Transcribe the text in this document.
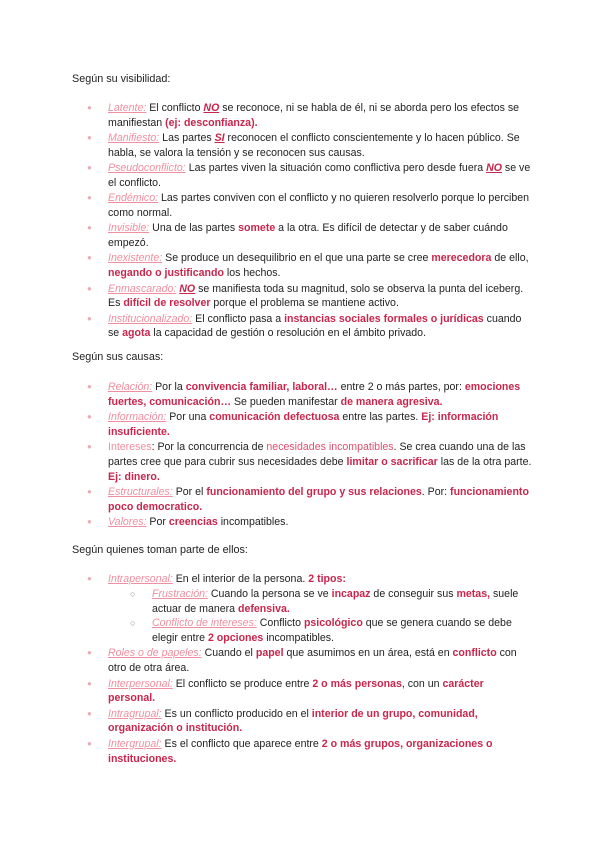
Según su visibilidad:
● Latente: El conflicto NO se reconoce, ni se habla de él, ni se aborda pero los efectos se manifiestan (ej: desconfianza).
● Manifiesto: Las partes SI reconocen el conflicto conscientemente y lo hacen público. Se habla, se valora la tensión y se reconocen sus causas.
● Pseudoconflicto: Las partes viven la situación como conflictiva pero desde fuera NO se ve el conflicto.
● Endémico: Las partes conviven con el conflicto y no quieren resolverlo porque lo perciben como normal.
● Invisible: Una de las partes somete a la otra. Es difícil de detectar y de saber cuándo empezó.
● Inexistente: Se produce un desequilibrio en el que una parte se cree merecedora de ello, negando o justificando los hechos.
● Enmascarado: NO se manifiesta toda su magnitud, solo se observa la punta del iceberg. Es difícil de resolver porque el problema se mantiene activo.
● Institucionalizado: El conflicto pasa a instancias sociales formales o jurídicas cuando se agota la capacidad de gestión o resolución en el ámbito privado.
Según sus causas:
● Relación: Por la convivencia familiar, laboral… entre 2 o más partes, por: emociones fuertes, comunicación… Se pueden manifestar de manera agresiva.
● Información: Por una comunicación defectuosa entre las partes. Ej: información insuficiente.
● Intereses: Por la concurrencia de necesidades incompatibles. Se crea cuando una de las partes cree que para cubrir sus necesidades debe limitar o sacrificar las de la otra parte. Ej: dinero.
● Estructurales: Por el funcionamiento del grupo y sus relaciones. Por: funcionamiento poco democratico.
● Valores: Por creencias incompatibles.
Según quienes toman parte de ellos:
● Intrapersonal: En el interior de la persona. 2 tipos:
○ Frustración: Cuando la persona se ve incapaz de conseguir sus metas, suele actuar de manera defensiva.
○ Conflicto de intereses: Conflicto psicológico que se genera cuando se debe elegir entre 2 opciones incompatibles.
● Roles o de papeles: Cuando el papel que asumimos en un área, está en conflicto con otro de otra área.
● Interpersonal: El conflicto se produce entre 2 o más personas, con un carácter personal.
● Intragrupal: Es un conflicto producido en el interior de un grupo, comunidad, organización o institución.
● Intergrupal: Es el conflicto que aparece entre 2 o más grupos, organizaciones o instituciones.
